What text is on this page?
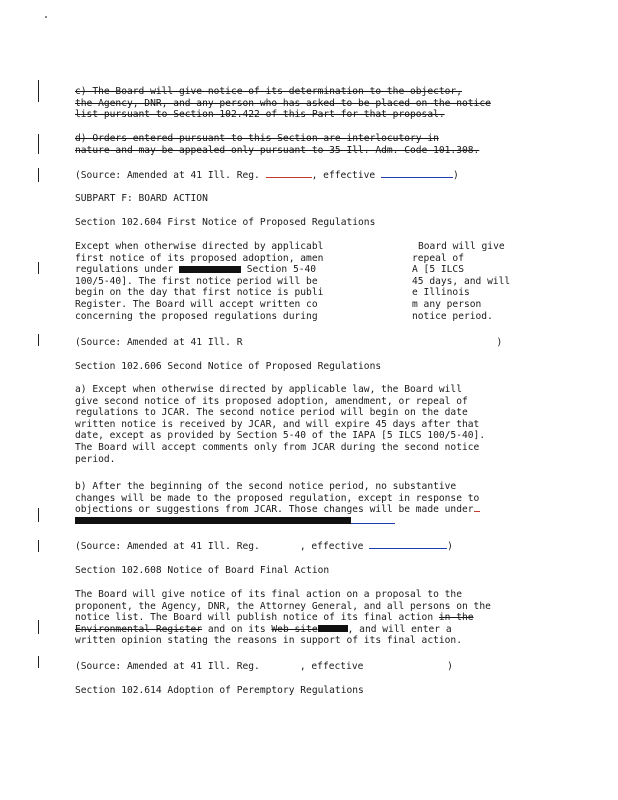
c) The Board will give notice of its determination to the objector,
the Agency, DNR, and any person who has asked to be placed on the notice
list pursuant to Section 102.422 of this Part for that proposal.
d) Orders entered pursuant to this Section are interlocutory in
nature and may be appealed only pursuant to 35 Ill. Adm. Code 101.308.
(Source: Amended at 41 Ill. Reg.	, effective	)
SUBPART F: BOARD ACTION
Section 102.604 First Notice of Proposed Regulations
Except when otherwise directed by applicabl
first notice of its proposed adoption, amen
regulations under	Section 5-40
100/5-40]. The first notice period will be
begin on the day that first notice is publi
Register. The Board will accept written co
concerning the proposed regulations during
Board will give
repeal of
A [5 ILCS
45 days, and will
e Illinois
m any person
notice period.
(Source: Amended at 41 Ill. R	)
Section 102.606 Second Notice of Proposed Regulations
a) Except when otherwise directed by applicable law, the Board will
give second notice of its proposed adoption, amendment, or repeal of
regulations to JCAR. The second notice period will begin on the date
written notice is received by JCAR, and will expire 45 days after that
date, except as provided by Section 5-40 of the IAPA [5 ILCS 100/5-40].
The Board will accept comments only from JCAR during the second notice
period.
b) After the beginning of the second notice period, no substantive
changes will be made to the proposed regulation, except in response to
objections or suggestions from JCAR. Those changes will be made under
(Source: Amended at 41 Ill. Reg.	, effective	)
Section 102.608 Notice of Board Final Action
The Board will give notice of its final action on a proposal to the
proponent, the Agency, DNR, the Attorney General, and all persons on the
notice list. The Board will publish notice of its final action in the
Environmental Register and on its Web site	, and will enter a
written opinion stating the reasons in support of its final action.
(Source: Amended at 41 Ill. Reg.	, effective	)
Section 102.614 Adoption of Peremptory Regulations
